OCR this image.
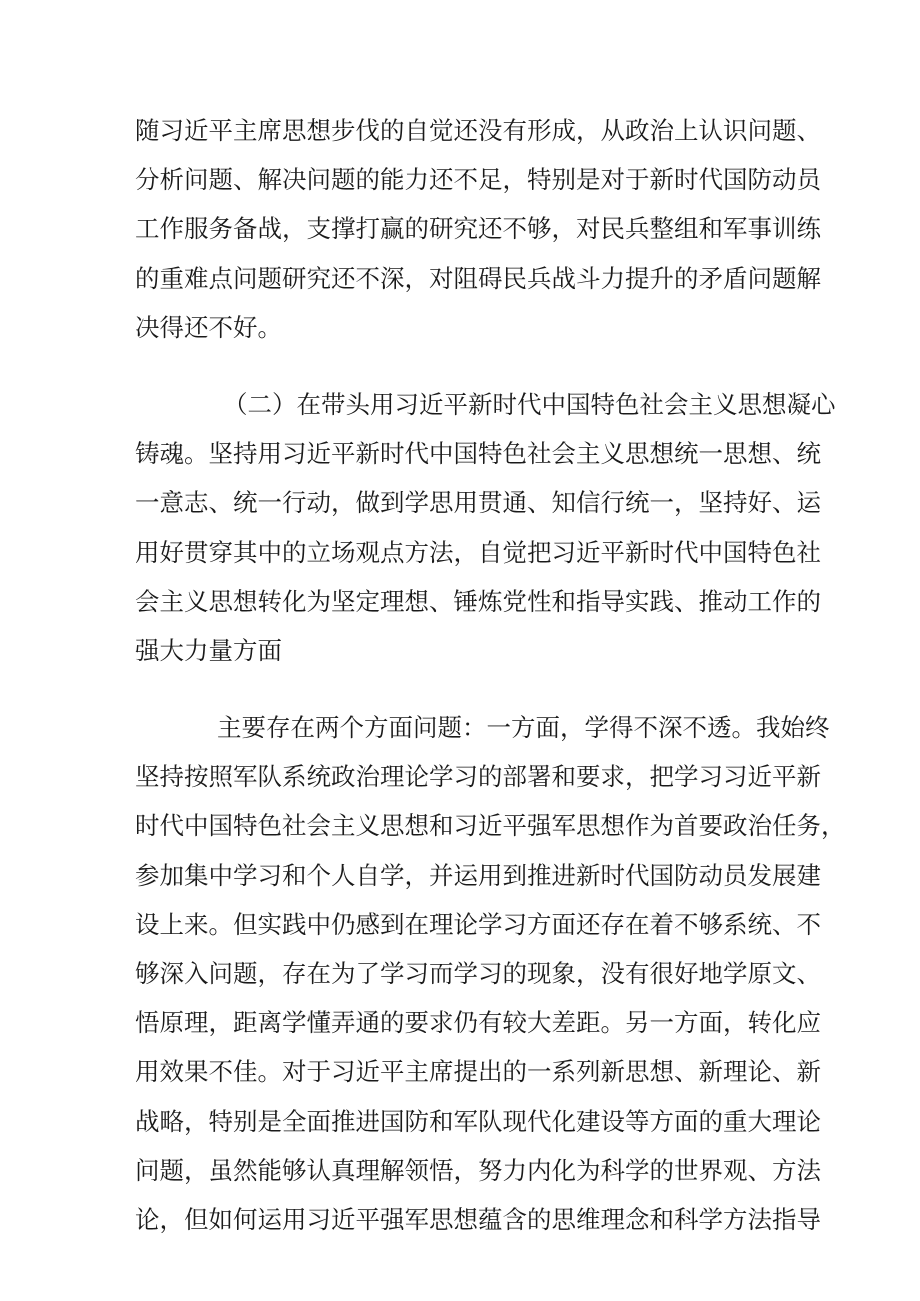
随习近平主席思想步伐的自觉还没有形成，从政治上认识问题、
分析问题、解决问题的能力还不足，特别是对于新时代国防动员
工作服务备战，支撑打赢的研究还不够，对民兵整组和军事训练
的重难点问题研究还不深，对阻碍民兵战斗力提升的矛盾问题解
决得还不好。
（二）在带头用习近平新时代中国特色社会主义思想凝心
铸魂。坚持用习近平新时代中国特色社会主义思想统一思想、统
一意志、统一行动，做到学思用贯通、知信行统一，坚持好、运
用好贯穿其中的立场观点方法，自觉把习近平新时代中国特色社
会主义思想转化为坚定理想、锤炼党性和指导实践、推动工作的
强大力量方面
主要存在两个方面问题：一方面，学得不深不透。我始终
坚持按照军队系统政治理论学习的部署和要求，把学习习近平新
时代中国特色社会主义思想和习近平强军思想作为首要政治任务，
参加集中学习和个人自学，并运用到推进新时代国防动员发展建
设上来。但实践中仍感到在理论学习方面还存在着不够系统、不
够深入问题，存在为了学习而学习的现象，没有很好地学原文、
悟原理，距离学懂弄通的要求仍有较大差距。另一方面，转化应
用效果不佳。对于习近平主席提出的一系列新思想、新理论、新
战略，特别是全面推进国防和军队现代化建设等方面的重大理论
问题，虽然能够认真理解领悟，努力内化为科学的世界观、方法
论，但如何运用习近平强军思想蕴含的思维理念和科学方法指导
